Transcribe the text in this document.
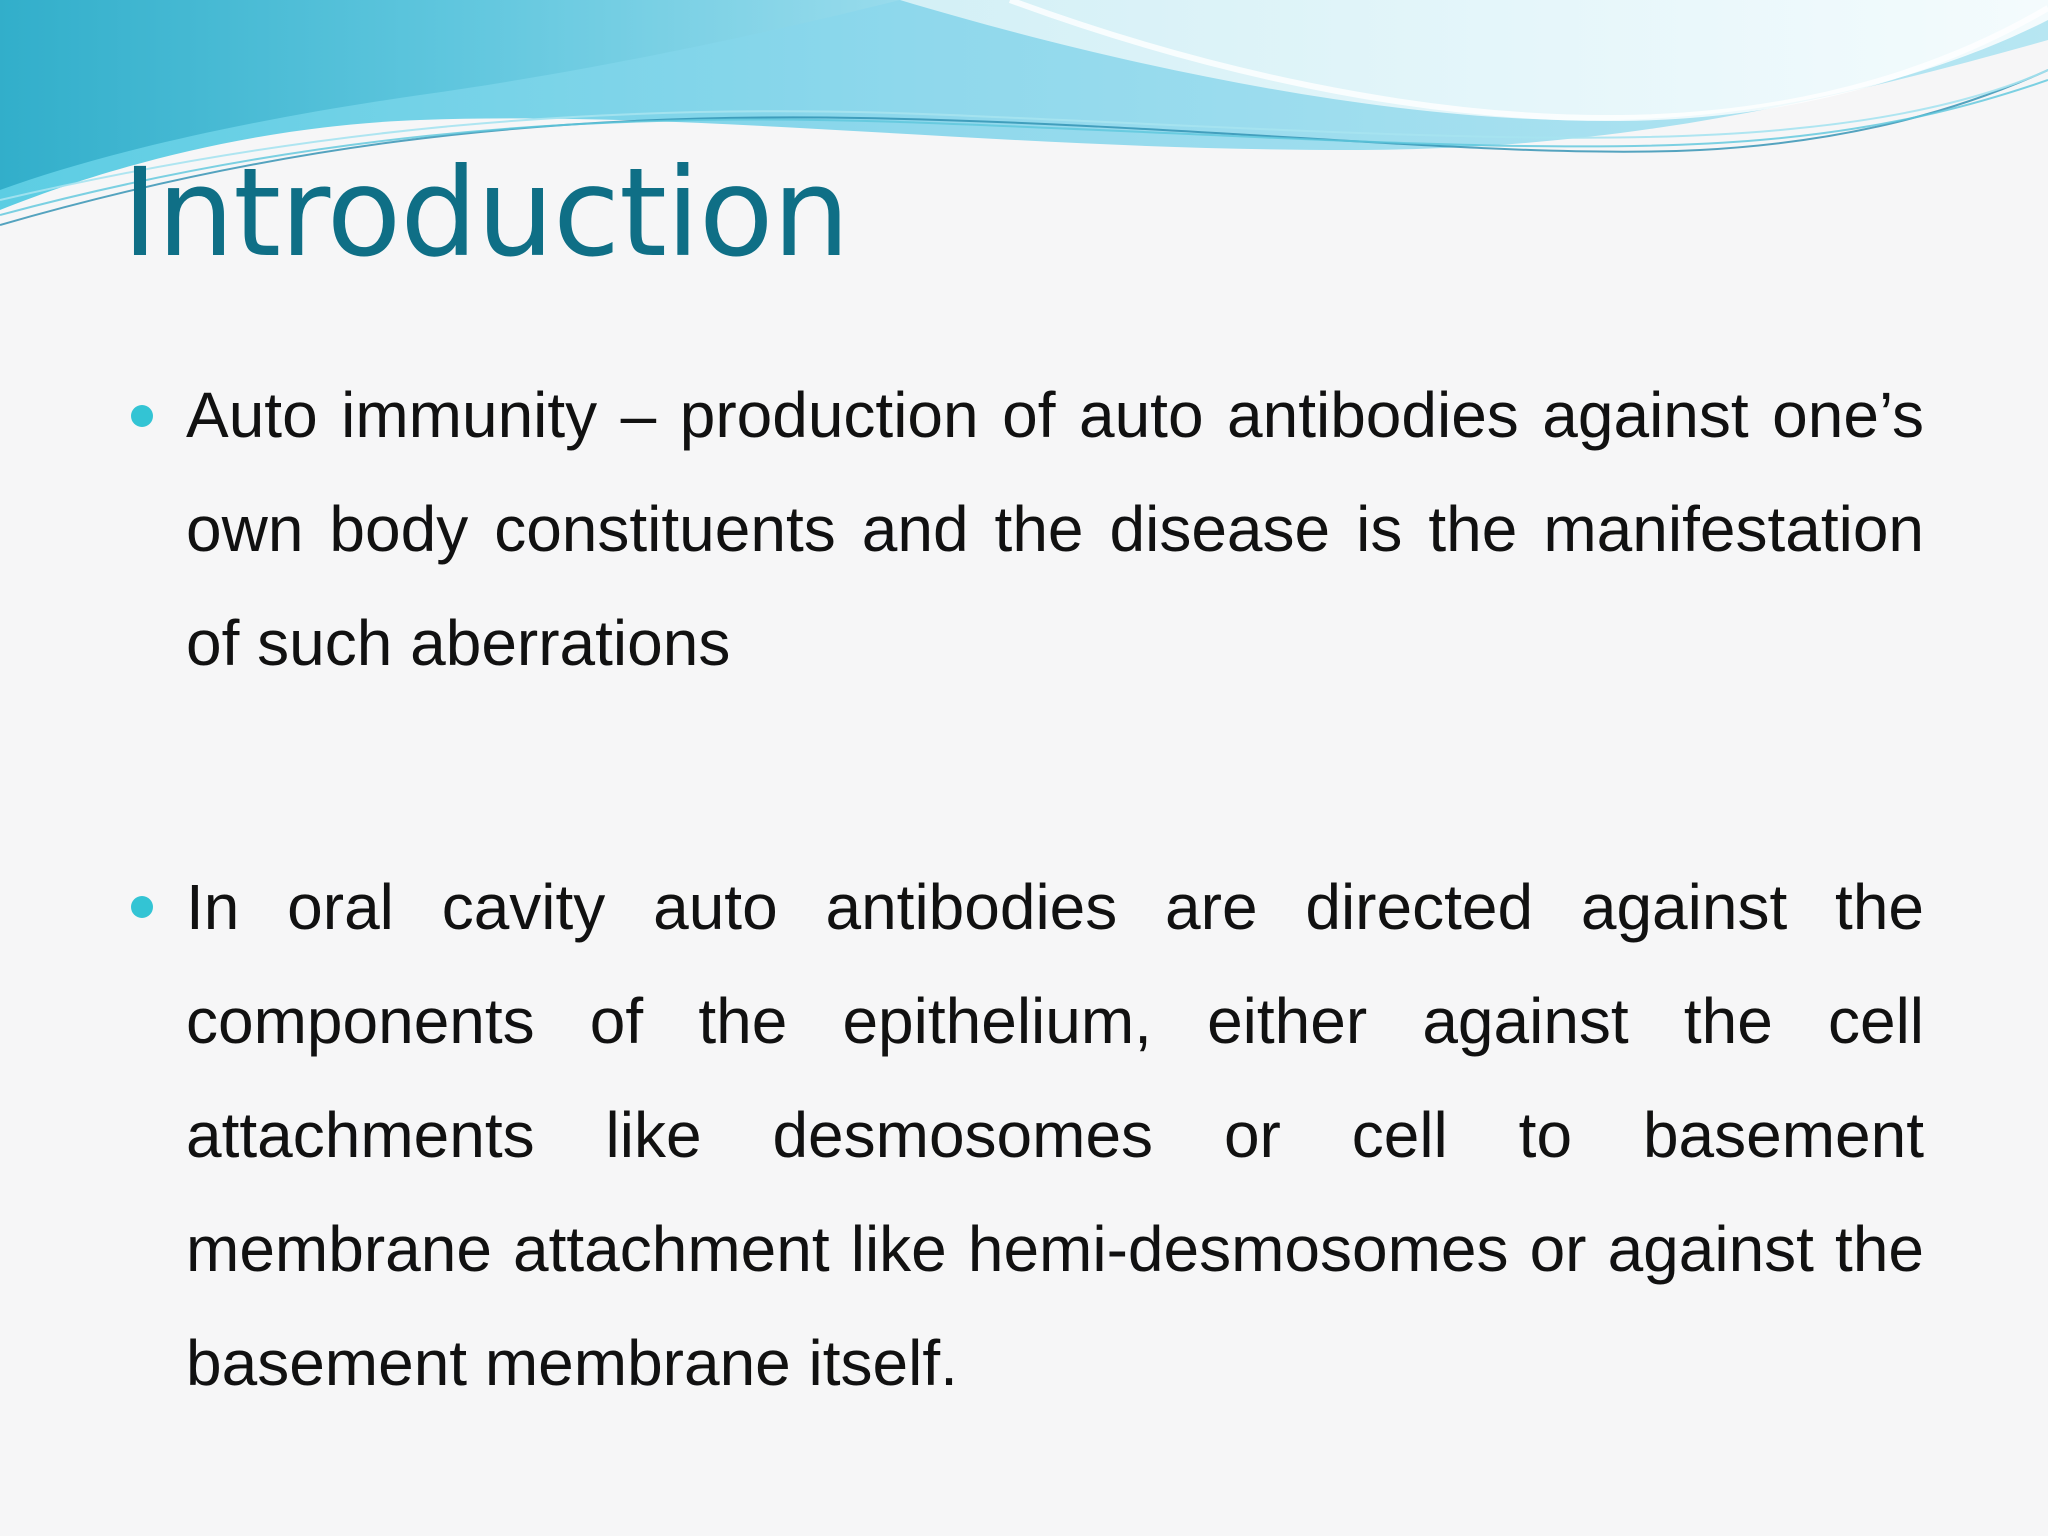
Introduction
Auto immunity – production of auto antibodies against one’s own body constituents and the disease is the manifestation of such aberrations
In oral cavity auto antibodies are directed against the components of the epithelium, either against the cell attachments like desmosomes or cell to basement membrane attachment like hemi-desmosomes or against the basement membrane itself.
